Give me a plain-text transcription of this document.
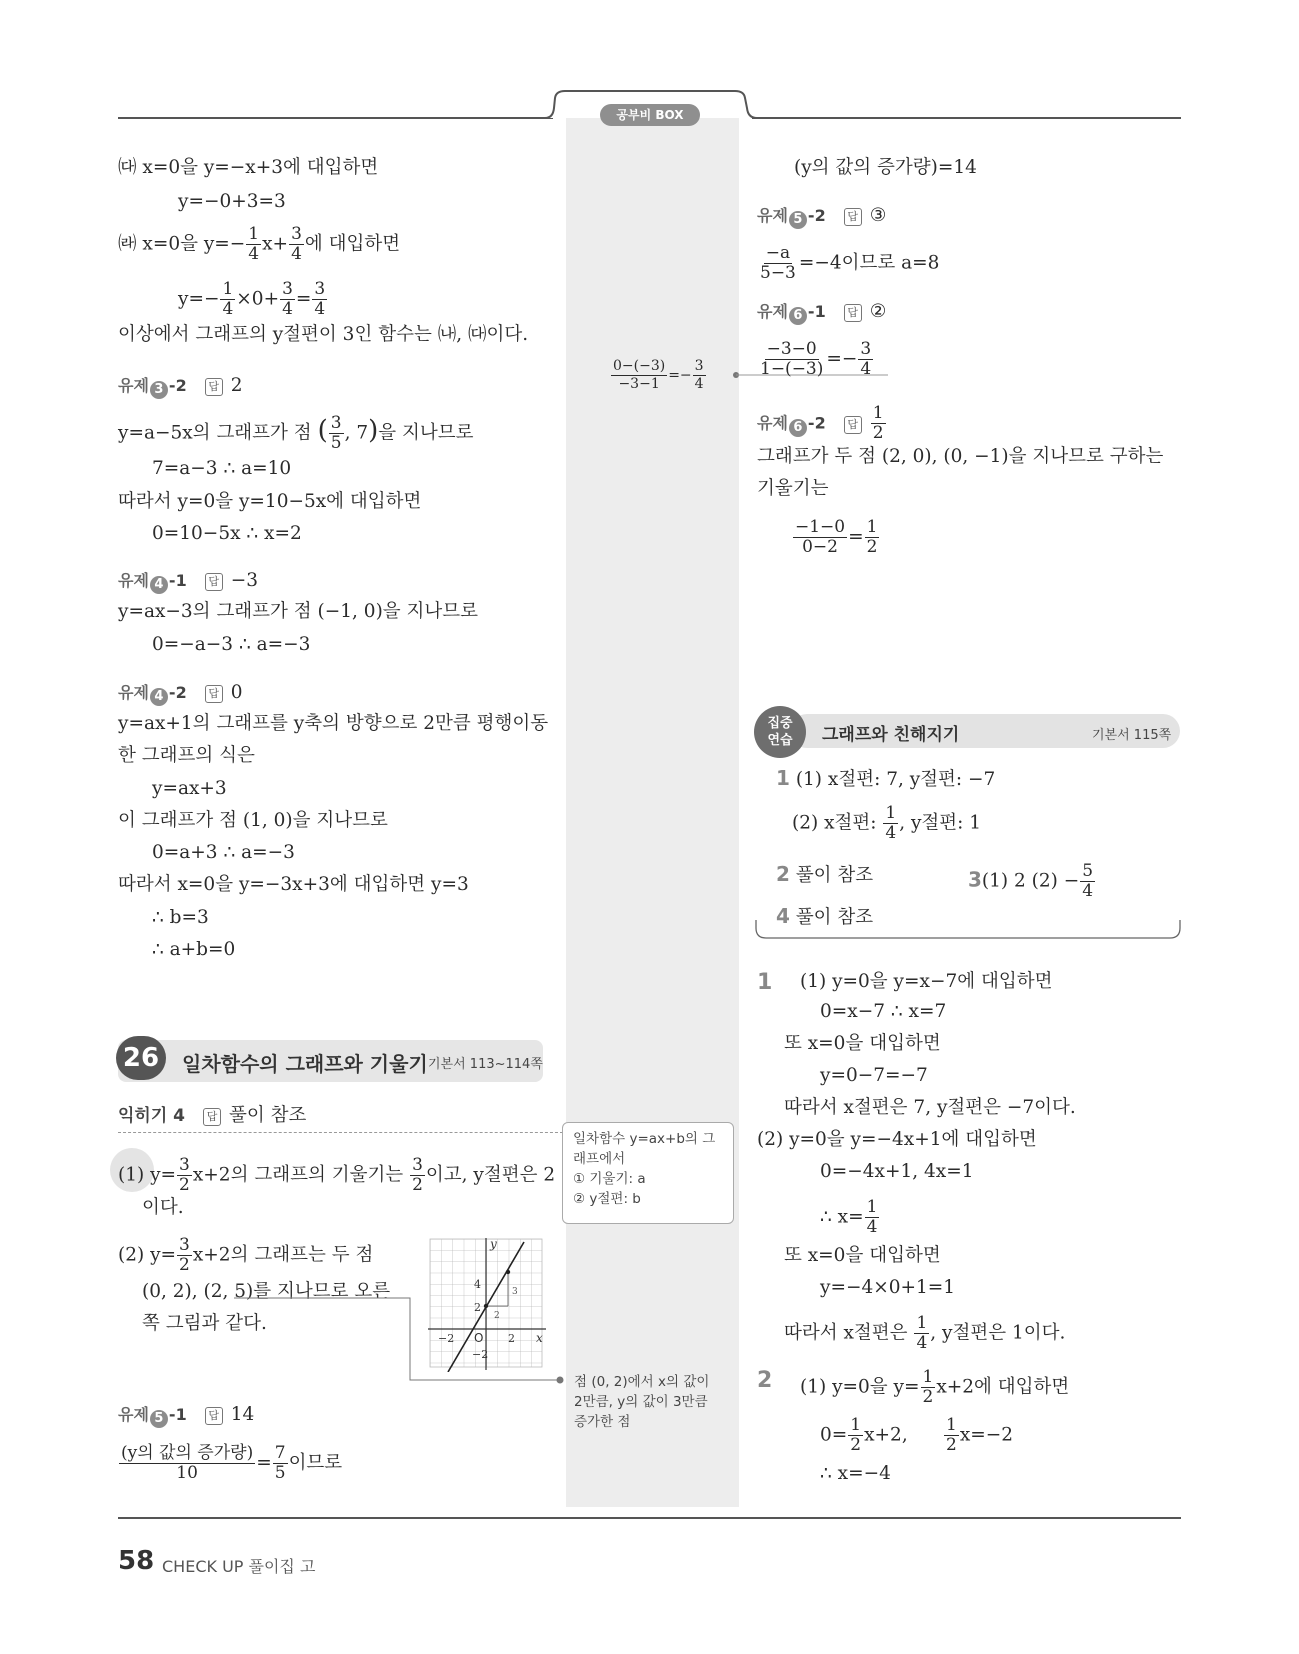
공부비 BOX
㈐ x=0을 y=−x+3에 대입하면
y=−0+3=3
㈑ x=0을 $y=- \frac{1}{4} x+ \frac{3}{4}$ 에 대입하면
$y=- \frac{1}{4} \times 0+ \frac{3}{4} = \frac{3}{4}$
이상에서 그래프의 y절편이 3인 함수는 ㈏, ㈐이다.
유제 3 -2 답 2
y=a−5x의 그래프가 점 ( $\frac{3}{5}$ , 7)을 지나므로
7=a−3 ∴ a=10
따라서 y=0을 y=10−5x에 대입하면
0=10−5x ∴ x=2
유제 4 -1 답 −3
y=ax−3의 그래프가 점 (−1, 0)을 지나므로
0=−a−3 ∴ a=−3
유제 4 -2 답 0
y=ax+1의 그래프를 y축의 방향으로 2만큼 평행이동
한 그래프의 식은
y=ax+3
이 그래프가 점 (1, 0)을 지나므로
0=a+3 ∴ a=−3
따라서 x=0을 y=−3x+3에 대입하면 y=3
∴ b=3
∴ a+b=0
26	일차함수의 그래프와 기울기 기본서 113~114쪽
익히기 4 답 풀이 참조
(1) $y= \frac{3}{2} x+2$의 그래프의 기울기는 $\frac{3}{2}$ 이고, y절편은 2
이다.
(2) $y= \frac{3}{2} x+2$의 그래프는 두 점
(0, 2), (2, 5)를 지나므로 오른
쪽 그림과 같다.
y
x
O
4
2
−2	2
−2
2
3
유제 5 -1 답 14
$\frac{\text{(y의 값의 증가량)}}{10} = \frac{7}{5}$ 이므로
$\frac{0-(-3)}{-3-1} =- \frac{3}{4}$
일차함수 y=ax+b의 그
래프에서
① 기울기: a
② y절편: b
점 (0, 2)에서 x의 값이
2만큼, y의 값이 3만큼
증가한 점
(y의 값의 증가량)=14
유제 5 -2 답 ③
$\frac{-a}{5-3} =-4$이므로 a=8
유제 6 -1 답 ②
$\frac{-3-0}{1-(-3)} =- \frac{3}{4}$
유제 6 -2 답 $\frac{1}{2}$
그래프가 두 점 (2, 0), (0, −1)을 지나므로 구하는
기울기는
$\frac{-1-0}{0-2} = \frac{1}{2}$
집중
연습	그래프와 친해지기	기본서 115쪽
1 (1) x절편: 7, y절편: −7
(2) x절편: $\frac{1}{4}$ , y절편: 1
2 풀이 참조	3(1) 2 $(2) - \frac{5}{4}$
4 풀이 참조
1 (1) y=0을 y=x−7에 대입하면
0=x−7 ∴ x=7
또 x=0을 대입하면
y=0−7=−7
따라서 x절편은 7, y절편은 −7이다.
(2) y=0을 y=−4x+1에 대입하면
0=−4x+1, 4x=1
∴ $x= \frac{1}{4}$
또 x=0을 대입하면
y=−4×0+1=1
따라서 x절편은 $\frac{1}{4}$ , y절편은 1이다.
2 (1) y=0을 $y= \frac{1}{2} x+2$에 대입하면
$0= \frac{1}{2} x+2$, $\frac{1}{2} x=-2$
∴ x=−4
58 CHECK UP 풀이집 고
